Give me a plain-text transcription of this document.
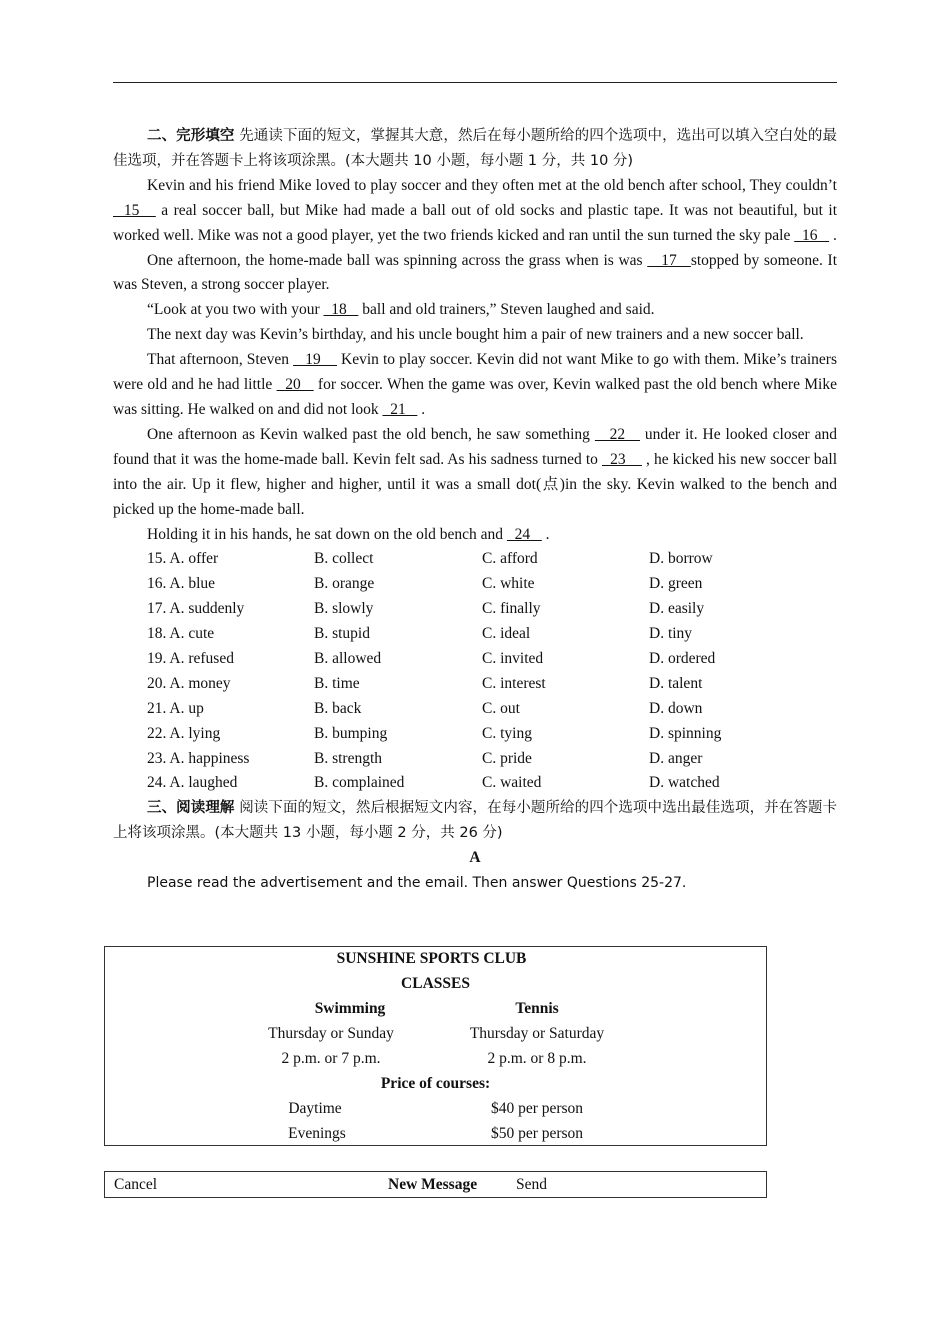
二、完形填空 先通读下面的短文，掌握其大意，然后在每小题所给的四个选项中，选出可以填入空白处的最佳选项，并在答题卡上将该项涂黑。(本大题共 10 小题，每小题 1 分，共 10 分)

Kevin and his friend Mike loved to play soccer and they often met at the old bench after school, They couldn’t   15    a real soccer ball, but Mike had made a ball out of old socks and plastic tape. It was not beautiful, but it worked well. Mike was not a good player, yet the two friends kicked and ran until the sun turned the sky pale   16    .

One afternoon, the home-made ball was spinning across the grass when is was    17   stopped by someone. It was Steven, a strong soccer player.

“Look at you two with your   18    ball and old trainers,” Steven laughed and said.

The next day was Kevin’s birthday, and his uncle bought him a pair of new trainers and a new soccer ball.

That afternoon, Steven    19     Kevin to play soccer. Kevin did not want Mike to go with them. Mike’s trainers were old and he had little   20    for soccer. When the game was over, Kevin walked past the old bench where Mike was sitting. He walked on and did not look   21    .

One afternoon as Kevin walked past the old bench, he saw something    22    under it. He looked closer and found that it was the home-made ball. Kevin felt sad. As his sadness turned to   23     , he kicked his new soccer ball into the air. Up it flew, higher and higher, until it was a small dot(点)in the sky. Kevin walked to the bench and picked up the home-made ball.

Holding it in his hands, he sat down on the old bench and   24    .

15. A. offer	B. collect	C. afford	D. borrow
16. A. blue	B. orange	C. white	D. green
17. A. suddenly	B. slowly	C. finally	D. easily
18. A. cute	B. stupid	C. ideal	D. tiny
19. A. refused	B. allowed	C. invited	D. ordered
20. A. money	B. time	C. interest	D. talent
21. A. up	B. back	C. out	D. down
22. A. lying	B. bumping	C. tying	D. spinning
23. A. happiness	B. strength	C. pride	D. anger
24. A. laughed	B. complained	C. waited	D. watched

三、阅读理解 阅读下面的短文，然后根据短文内容，在每小题所给的四个选项中选出最佳选项，并在答题卡上将该项涂黑。(本大题共 13 小题，每小题 2 分，共 26 分)

A

Please read the advertisement and the email. Then answer Questions 25-27.

SUNSHINE SPORTS CLUB
CLASSES
Swimming	Tennis
Thursday or Sunday	Thursday or Saturday
2 p.m. or 7 p.m.	2 p.m. or 8 p.m.
Price of courses:
Daytime	$40 per person
Evenings	$50 per person
Cancel	New Message	Send
